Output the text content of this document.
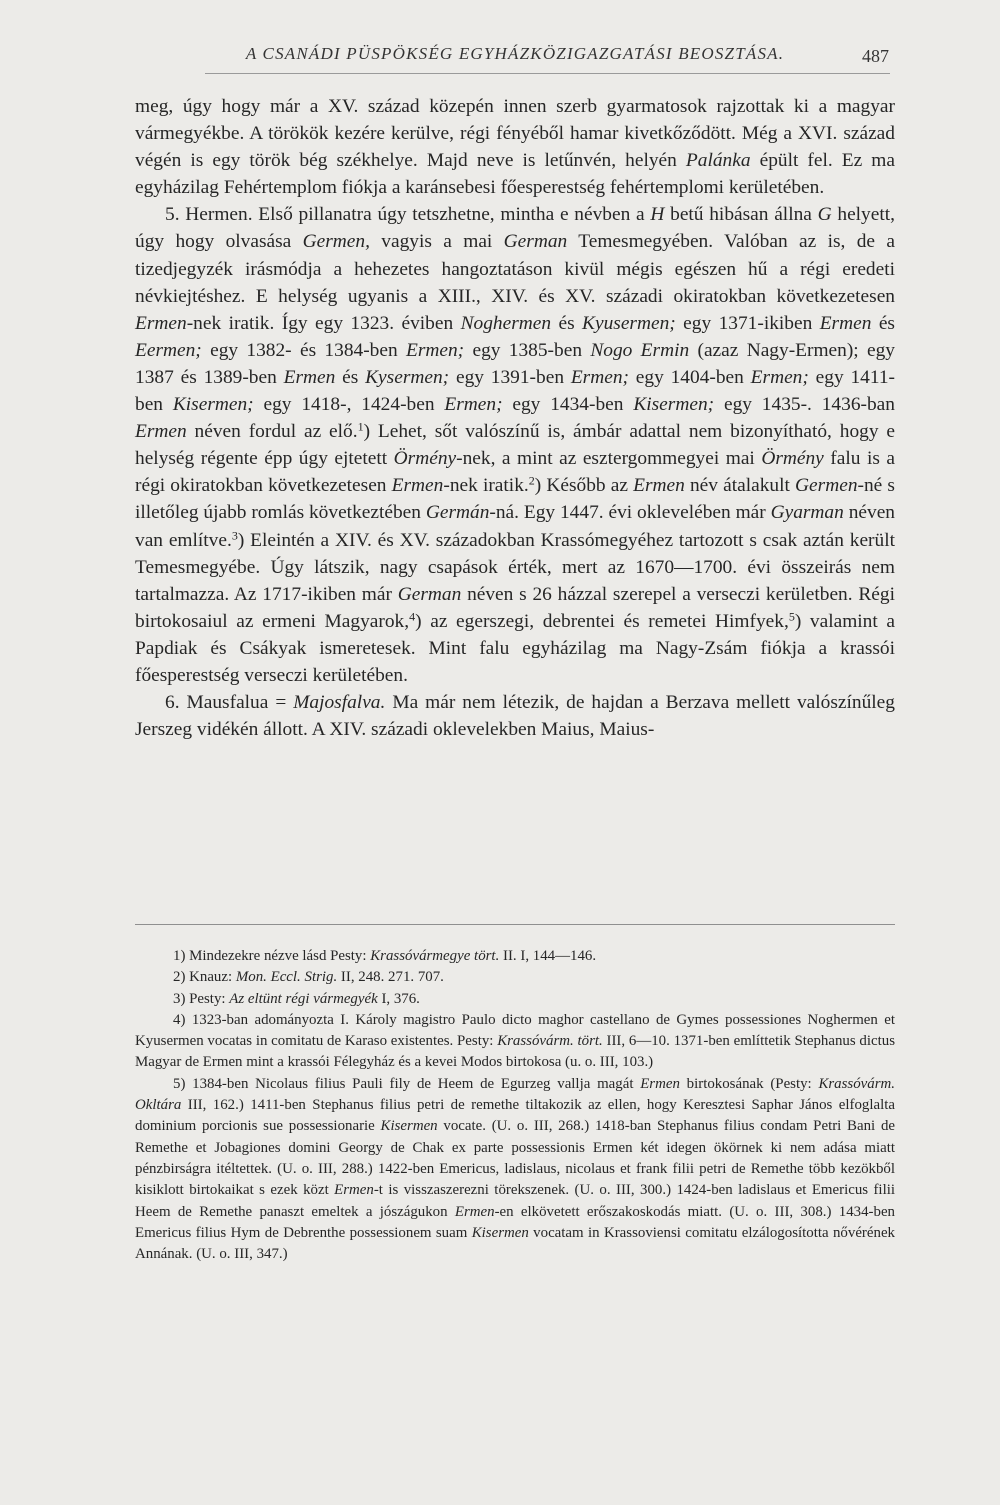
A CSANÁDI PÜSPÖKSÉG EGYHÁZKÖZIGAZGATÁSI BEOSZTÁSA.	487

meg, úgy hogy már a XV. század közepén innen szerb gyarmatosok rajzottak ki a magyar vármegyékbe. A törökök kezére kerülve, régi fényéből hamar kivetkőződött. Még a XVI. század végén is egy török bég székhelye. Majd neve is letűnvén, helyén Palánka épült fel. Ez ma egyházilag Fehértemplom fiókja a karánsebesi főesperestség fehértemplomi kerületében.

5. Hermen. Első pillanatra úgy tetszhetne, mintha e névben a H betű hibásan állna G helyett, úgy hogy olvasása Germen, vagyis a mai German Temesmegyében. Valóban az is, de a tizedjegyzék irásmódja a hehezetes hangoztatáson kivül mégis egészen hű a régi eredeti névkiejtéshez. E helység ugyanis a XIII., XIV. és XV. századi okiratokban következetesen Ermen-nek iratik. Így egy 1323. éviben Noghermen és Kyusermen; egy 1371-ikiben Ermen és Eermen; egy 1382- és 1384-ben Ermen; egy 1385-ben Nogo Ermin (azaz Nagy-Ermen); egy 1387 és 1389-ben Ermen és Kysermen; egy 1391-ben Ermen; egy 1404-ben Ermen; egy 1411-ben Kisermen; egy 1418-, 1424-ben Ermen; egy 1434-ben Kisermen; egy 1435-. 1436-ban Ermen néven fordul az elő.$^1$) Lehet, sőt valószínű is, ámbár adattal nem bizonyítható, hogy e helység régente épp úgy ejtetett Örmény-nek, a mint az esztergommegyei mai Örmény falu is a régi okiratokban következetesen Ermen-nek iratik.$^2$) Később az Ermen név átalakult Germen-né s illetőleg újabb romlás következtében Germán-ná. Egy 1447. évi oklevelében már Gyarman néven van említve.$^3$) Eleintén a XIV. és XV. századokban Krassómegyéhez tartozott s csak aztán került Temesmegyébe. Úgy látszik, nagy csapások érték, mert az 1670—1700. évi összeirás nem tartalmazza. Az 1717-ikiben már German néven s 26 házzal szerepel a verseczi kerületben. Régi birtokosaiul az ermeni Magyarok,$^4$) az egerszegi, debrentei és remetei Himfyek,$^5$) valamint a Papdiak és Csákyak ismeretesek. Mint falu egyházilag ma Nagy-Zsám fiókja a krassói főesperestség verseczi kerületében.

6. Mausfalua = Majosfalva. Ma már nem létezik, de hajdan a Berzava mellett valószínűleg Jerszeg vidékén állott. A XIV. századi oklevelekben Maius, Maius-

1) Mindezekre nézve lásd Pesty: Krassóvármegye tört. II. I, 144—146.

2) Knauz: Mon. Eccl. Strig. II, 248. 271. 707.

3) Pesty: Az eltünt régi vármegyék I, 376.

4) 1323-ban adományozta I. Károly magistro Paulo dicto maghor castellano de Gymes possessiones Noghermen et Kyusermen vocatas in comitatu de Karaso existentes. Pesty: Krassóvárm. tört. III, 6—10. 1371-ben említtetik Stephanus dictus Magyar de Ermen mint a krassói Félegyház és a kevei Modos birtokosa (u. o. III, 103.)

5) 1384-ben Nicolaus filius Pauli fily de Heem de Egurzeg vallja magát Ermen birtokosának (Pesty: Krassóvárm. Okltára III, 162.) 1411-ben Stephanus filius petri de remethe tiltakozik az ellen, hogy Keresztesi Saphar János elfoglalta dominium porcionis sue possessionarie Kisermen vocate. (U. o. III, 268.) 1418-ban Stephanus filius condam Petri Bani de Remethe et Jobagiones domini Georgy de Chak ex parte possessionis Ermen két idegen ökörnek ki nem adása miatt pénzbirságra itéltettek. (U. o. III, 288.) 1422-ben Emericus, ladislaus, nicolaus et frank filii petri de Remethe több kezökből kisiklott birtokaikat s ezek közt Ermen-t is visszaszerezni törekszenek. (U. o. III, 300.) 1424-ben ladislaus et Emericus filii Heem de Remethe panaszt emeltek a jószágukon Ermen-en elkövetett erőszakoskodás miatt. (U. o. III, 308.) 1434-ben Emericus filius Hym de Debrenthe possessionem suam Kisermen vocatam in Krassoviensi comitatu elzálogosította nővérének Annának. (U. o. III, 347.)
